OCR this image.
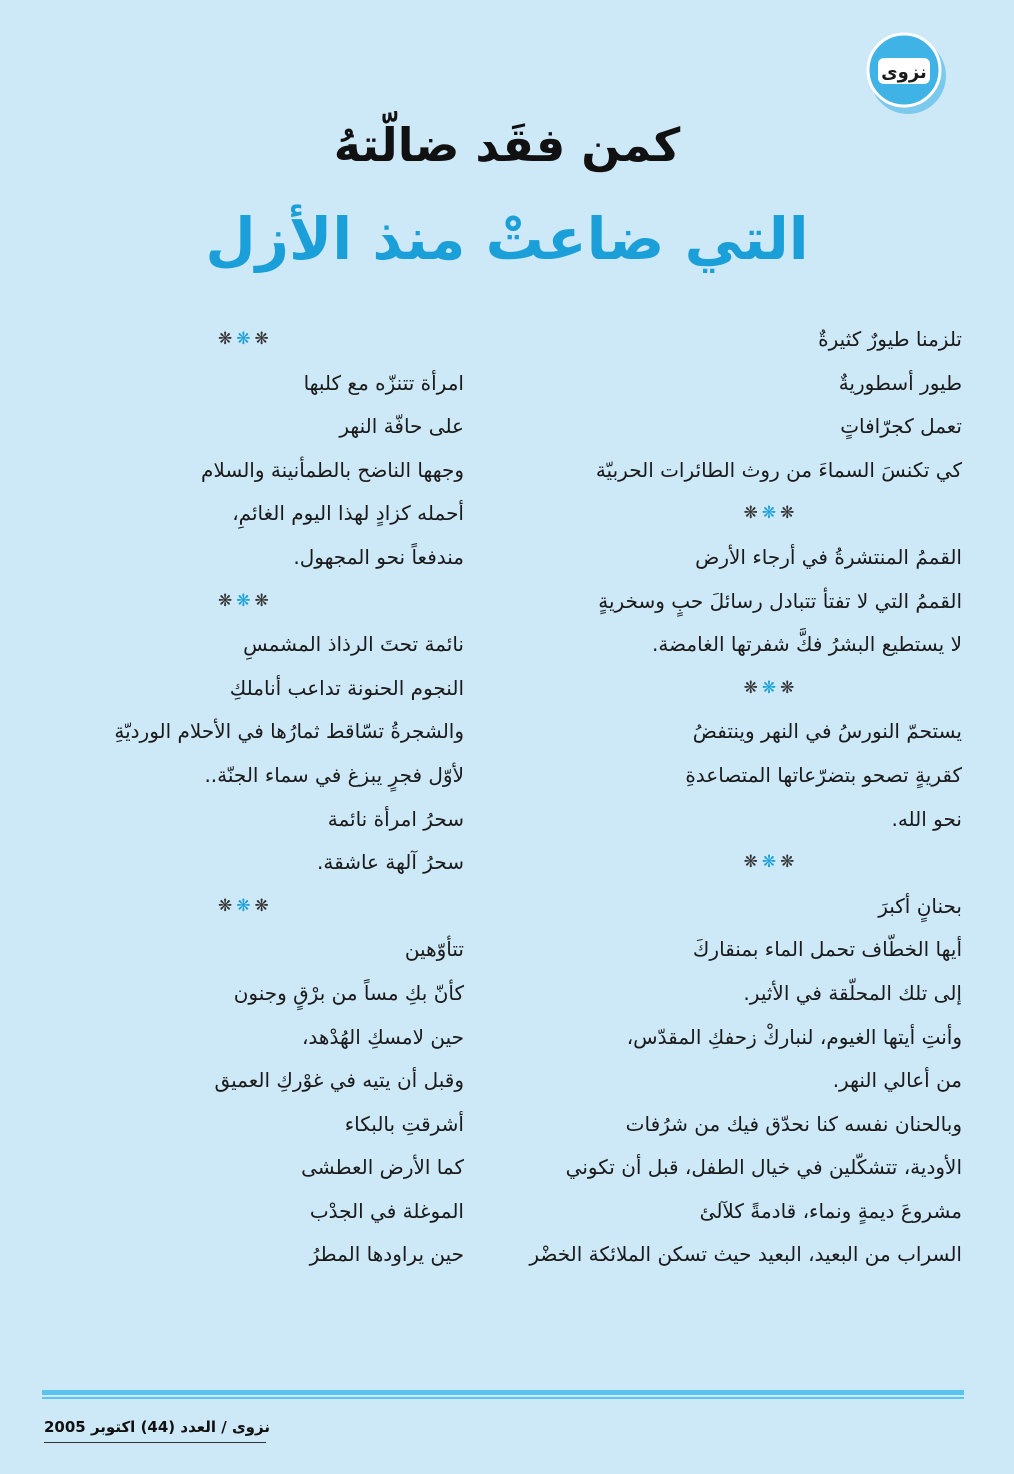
نزوى
كمن فقَد ضالّتهُ
التي ضاعتْ منذ الأزل
تلزمنا طيورٌ كثيرةٌ
طيور أسطوريةٌ
تعمل كجرّافاتٍ
كي تكنسَ السماءَ من روث الطائرات الحربيّة
❋❋❋
القممُ المنتشرةُ في أرجاء الأرض
القممُ التي لا تفتأ تتبادل رسائلَ حبٍ وسخريةٍ
لا يستطيع البشرُ فكَّ شفرتها الغامضة.
❋❋❋
يستحمّ النورسُ في النهر وينتفضُ
كقريةٍ تصحو بتضرّعاتها المتصاعدةِ
نحو الله.
❋❋❋
بحنانٍ أكبرَ
أيها الخطّاف تحمل الماء بمنقاركَ
إلى تلك المحلّقة في الأثير.
وأنتِ أيتها الغيوم، لنباركْ زحفكِ المقدّس،
من أعالي النهر.
وبالحنان نفسه كنا نحدّق فيك من شرُفات
الأودية، تتشكّلين في خيال الطفل، قبل أن تكوني
مشروعَ ديمةٍ ونماء، قادمةً كلآلئ
السراب من البعيد، البعيد حيث تسكن الملائكة الخضْر
❋❋❋
امرأة تتنزّه مع كلبها
على حافّة النهر
وجهها الناضح بالطمأنينة والسلام
أحمله كزادٍ لهذا اليوم الغائمِ،
مندفعاً نحو المجهول.
❋❋❋
نائمة تحتَ الرذاذ المشمسِ
النجوم الحنونة تداعب أناملكِ
والشجرةُ تسّاقط ثمارُها في الأحلام الورديّةِ
لأوّل فجرٍ يبزغ في سماء الجنّة..
سحرُ امرأة نائمة
سحرُ آلهة عاشقة.
❋❋❋
تتأوّهين
كأنّ بكِ مساً من برْقٍ وجنون
حين لامسكِ الهُدْهد،
وقبل أن يتيه في غوْركِ العميق
أشرقتِ بالبكاء
كما الأرض العطشى
الموغلة في الجدْب
حين يراودها المطرُ
نزوى / العدد (44) اكتوبر 2005
